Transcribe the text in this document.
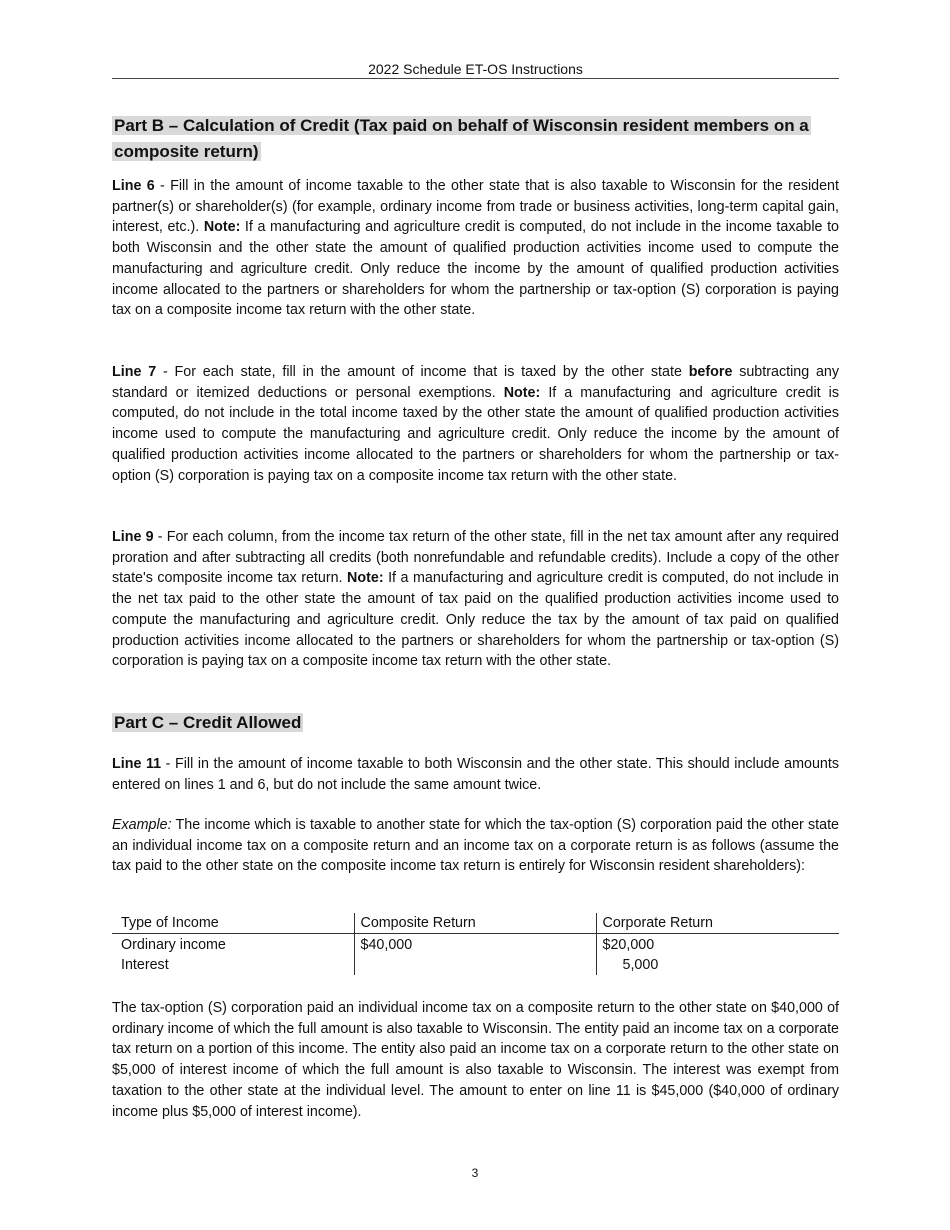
2022 Schedule ET-OS Instructions
Part B – Calculation of Credit (Tax paid on behalf of Wisconsin resident members on a
composite return)

Line 6 - Fill in the amount of income taxable to the other state that is also taxable to Wisconsin for the resident partner(s) or shareholder(s) (for example, ordinary income from trade or business activities, long-term capital gain, interest, etc.). Note: If a manufacturing and agriculture credit is computed, do not include in the income taxable to both Wisconsin and the other state the amount of qualified production activities income used to compute the manufacturing and agriculture credit. Only reduce the income by the amount of qualified production activities income allocated to the partners or shareholders for whom the partnership or tax-option (S) corporation is paying tax on a composite income tax return with the other state.

Line 7 - For each state, fill in the amount of income that is taxed by the other state before subtracting any standard or itemized deductions or personal exemptions. Note: If a manufacturing and agriculture credit is computed, do not include in the total income taxed by the other state the amount of qualified production activities income used to compute the manufacturing and agriculture credit. Only reduce the income by the amount of qualified production activities income allocated to the partners or shareholders for whom the partnership or tax-option (S) corporation is paying tax on a composite income tax return with the other state.

Line 9 - For each column, from the income tax return of the other state, fill in the net tax amount after any required proration and after subtracting all credits (both nonrefundable and refundable credits). Include a copy of the other state's composite income tax return. Note: If a manufacturing and agriculture credit is computed, do not include in the net tax paid to the other state the amount of tax paid on the qualified production activities income used to compute the manufacturing and agriculture credit. Only reduce the tax by the amount of tax paid on qualified production activities income allocated to the partners or shareholders for whom the partnership or tax-option (S) corporation is paying tax on a composite income tax return with the other state.

Part C – Credit Allowed

Line 11 - Fill in the amount of income taxable to both Wisconsin and the other state. This should include amounts entered on lines 1 and 6, but do not include the same amount twice.

Example: The income which is taxable to another state for which the tax-option (S) corporation paid the other state an individual income tax on a composite return and an income tax on a corporate return is as follows (assume the tax paid to the other state on the composite income tax return is entirely for Wisconsin resident shareholders):

Type of Income	Composite Return	Corporate Return
Ordinary income	$40,000	$20,000
Interest		5,000

The tax-option (S) corporation paid an individual income tax on a composite return to the other state on $40,000 of ordinary income of which the full amount is also taxable to Wisconsin. The entity paid an income tax on a corporate tax return on a portion of this income. The entity also paid an income tax on a corporate return to the other state on $5,000 of interest income of which the full amount is also taxable to Wisconsin. The interest was exempt from taxation to the other state at the individual level. The amount to enter on line 11 is $45,000 ($40,000 of ordinary income plus $5,000 of interest income).

3
